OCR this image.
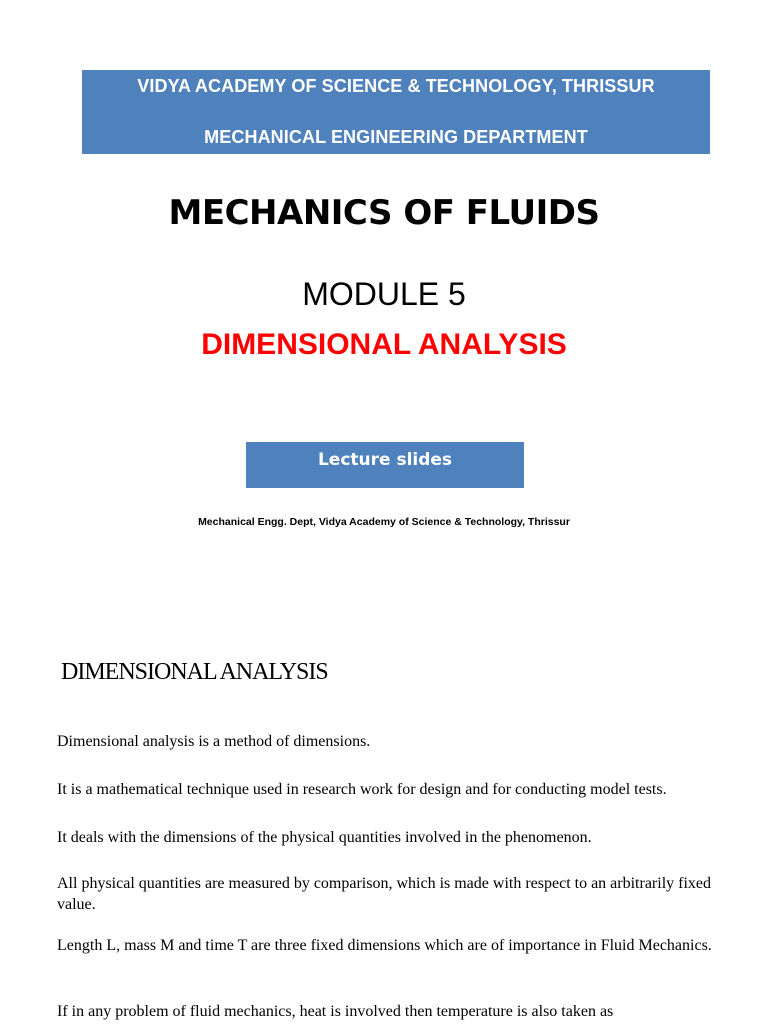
VIDYA ACADEMY OF SCIENCE & TECHNOLOGY, THRISSUR
MECHANICAL ENGINEERING DEPARTMENT
MECHANICS OF FLUIDS
MODULE 5
DIMENSIONAL ANALYSIS
Lecture slides
Mechanical Engg. Dept, Vidya Academy of Science & Technology, Thrissur
DIMENSIONAL ANALYSIS
Dimensional analysis is a method of dimensions.
It is a mathematical technique used in research work for design and for conducting model tests.
It deals with the dimensions of the physical quantities involved in the phenomenon.
All physical quantities are measured by comparison, which is made with respect to an arbitrarily fixed value.
Length L, mass M and time T are three fixed dimensions which are of importance in Fluid Mechanics.
If in any problem of fluid mechanics, heat is involved then temperature is also taken as
